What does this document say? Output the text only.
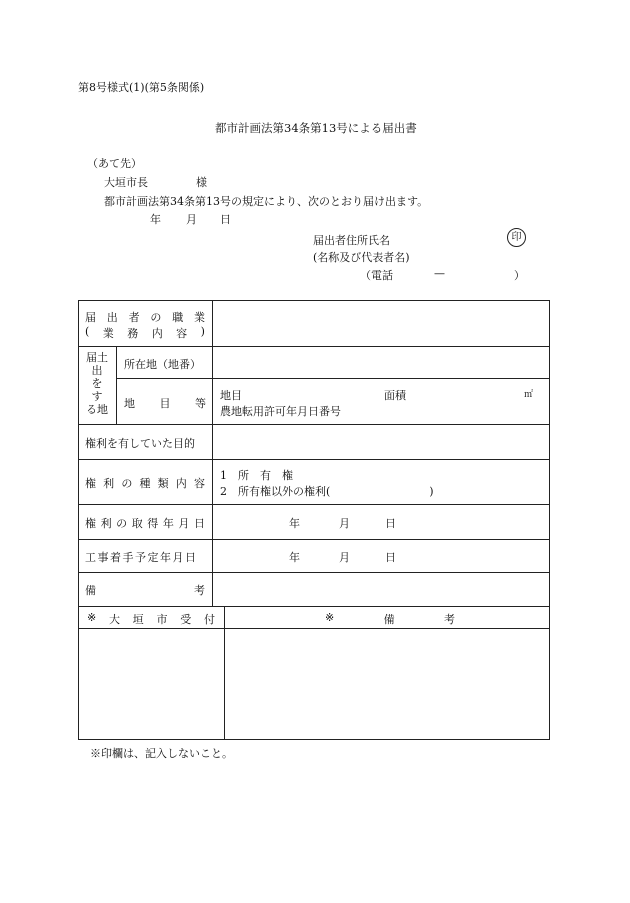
第8号様式(1)(第5条関係)
都市計画法第34条第13号による届出書
（あて先）
大垣市長	様
都市計画法第34条第13号の規定により、次のとおり届け出ます。
年 月 日
届出者住所氏名	印
(名称及び代表者名)
（電話	—	）
届 出 者 の 職 業
( 業 務 内 容 )
届土
出
を
す
る地
所在地（地番）
地 目 等
地目	面積	㎡
農地転用許可年月日番号
権利を有していた目的
権 利 の 種 類 内 容
1　所　有　権
2　所有権以外の権利(　　　　　　　　　)
権 利 の 取 得 年 月 日	年	月	日
工事着手予定年月日	年	月	日
備	考
※ 大 垣 市 受 付	※	備	考
※印欄は、記入しないこと。
